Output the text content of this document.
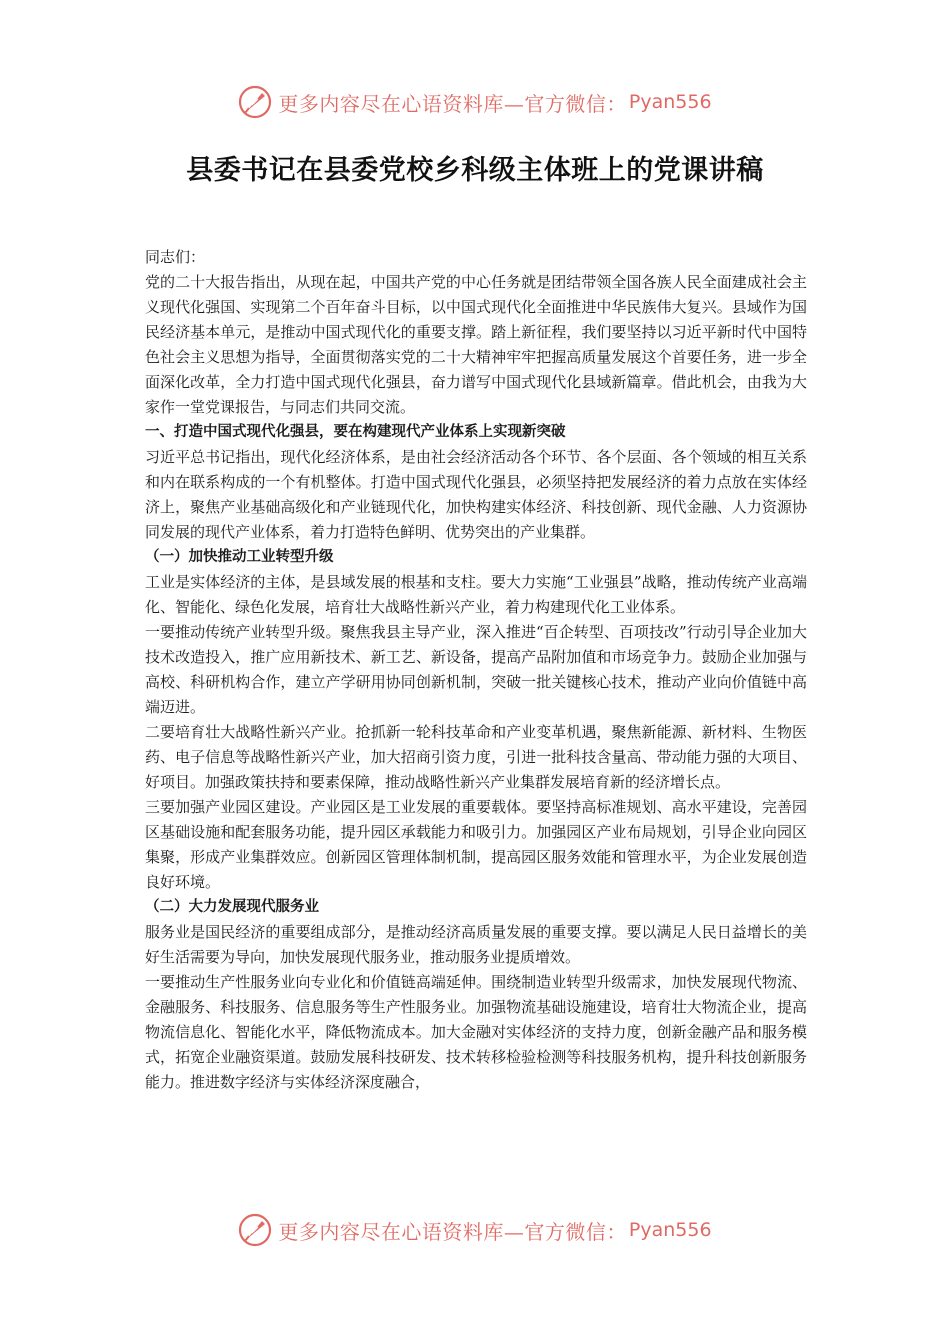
更多内容尽在心语资料库—官方微信： Pyan556
县委书记在县委党校乡科级主体班上的党课讲稿

同志们：

党的二十大报告指出，从现在起，中国共产党的中心任务就是团结带领全国各族人民全面建成社会主义现代化强国、实现第二个百年奋斗目标，以中国式现代化全面推进中华民族伟大复兴。县域作为国民经济基本单元，是推动中国式现代化的重要支撑。踏上新征程，我们要坚持以习近平新时代中国特色社会主义思想为指导，全面贯彻落实党的二十大精神牢牢把握高质量发展这个首要任务，进一步全面深化改革，全力打造中国式现代化强县，奋力谱写中国式现代化县域新篇章。借此机会，由我为大家作一堂党课报告，与同志们共同交流。

一、打造中国式现代化强县，要在构建现代产业体系上实现新突破

习近平总书记指出，现代化经济体系，是由社会经济活动各个环节、各个层面、各个领域的相互关系和内在联系构成的一个有机整体。打造中国式现代化强县，必须坚持把发展经济的着力点放在实体经济上，聚焦产业基础高级化和产业链现代化，加快构建实体经济、科技创新、现代金融、人力资源协同发展的现代产业体系，着力打造特色鲜明、优势突出的产业集群。

（一）加快推动工业转型升级

工业是实体经济的主体，是县域发展的根基和支柱。要大力实施“工业强县”战略，推动传统产业高端化、智能化、绿色化发展，培育壮大战略性新兴产业，着力构建现代化工业体系。

一要推动传统产业转型升级。聚焦我县主导产业，深入推进“百企转型、百项技改”行动引导企业加大技术改造投入，推广应用新技术、新工艺、新设备，提高产品附加值和市场竞争力。鼓励企业加强与高校、科研机构合作，建立产学研用协同创新机制，突破一批关键核心技术，推动产业向价值链中高端迈进。

二要培育壮大战略性新兴产业。抢抓新一轮科技革命和产业变革机遇，聚焦新能源、新材料、生物医药、电子信息等战略性新兴产业，加大招商引资力度，引进一批科技含量高、带动能力强的大项目、好项目。加强政策扶持和要素保障，推动战略性新兴产业集群发展培育新的经济增长点。

三要加强产业园区建设。产业园区是工业发展的重要载体。要坚持高标准规划、高水平建设，完善园区基础设施和配套服务功能，提升园区承载能力和吸引力。加强园区产业布局规划，引导企业向园区集聚，形成产业集群效应。创新园区管理体制机制，提高园区服务效能和管理水平，为企业发展创造良好环境。

（二）大力发展现代服务业

服务业是国民经济的重要组成部分，是推动经济高质量发展的重要支撑。要以满足人民日益增长的美好生活需要为导向，加快发展现代服务业，推动服务业提质增效。

一要推动生产性服务业向专业化和价值链高端延伸。围绕制造业转型升级需求，加快发展现代物流、金融服务、科技服务、信息服务等生产性服务业。加强物流基础设施建设，培育壮大物流企业，提高物流信息化、智能化水平，降低物流成本。加大金融对实体经济的支持力度，创新金融产品和服务模式，拓宽企业融资渠道。鼓励发展科技研发、技术转移检验检测等科技服务机构，提升科技创新服务能力。推进数字经济与实体经济深度融合，

更多内容尽在心语资料库—官方微信： Pyan556
